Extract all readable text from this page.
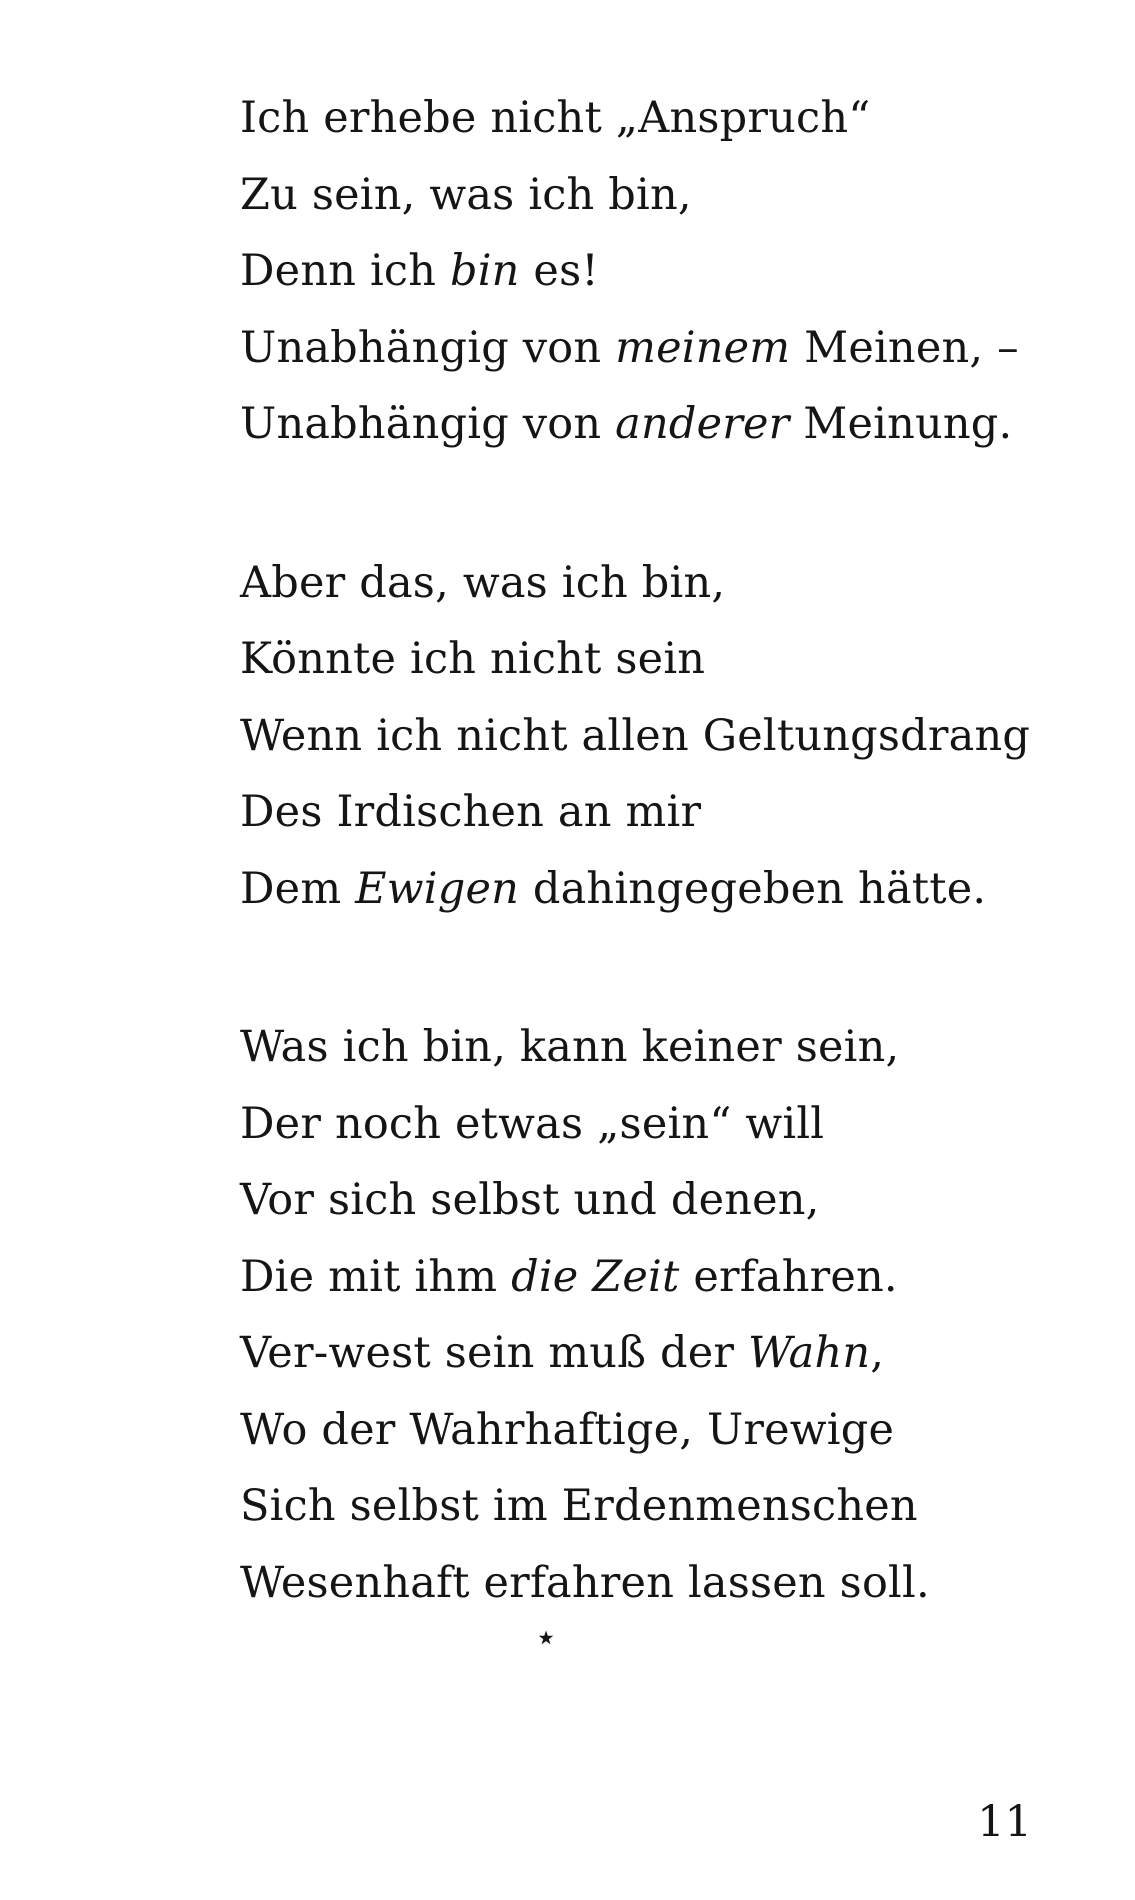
Ich erhebe nicht „Anspruch“
Zu sein, was ich bin,
Denn ich bin es!
Unabhängig von meinem Meinen, –
Unabhängig von anderer Meinung.
Aber das, was ich bin,
Könnte ich nicht sein
Wenn ich nicht allen Geltungsdrang
Des Irdischen an mir
Dem Ewigen dahingegeben hätte.
Was ich bin, kann keiner sein,
Der noch etwas „sein“ will
Vor sich selbst und denen,
Die mit ihm die Zeit erfahren.
Ver-west sein muß der Wahn,
Wo der Wahrhaftige, Urewige
Sich selbst im Erdenmenschen
Wesenhaft erfahren lassen soll.
⋆
11
